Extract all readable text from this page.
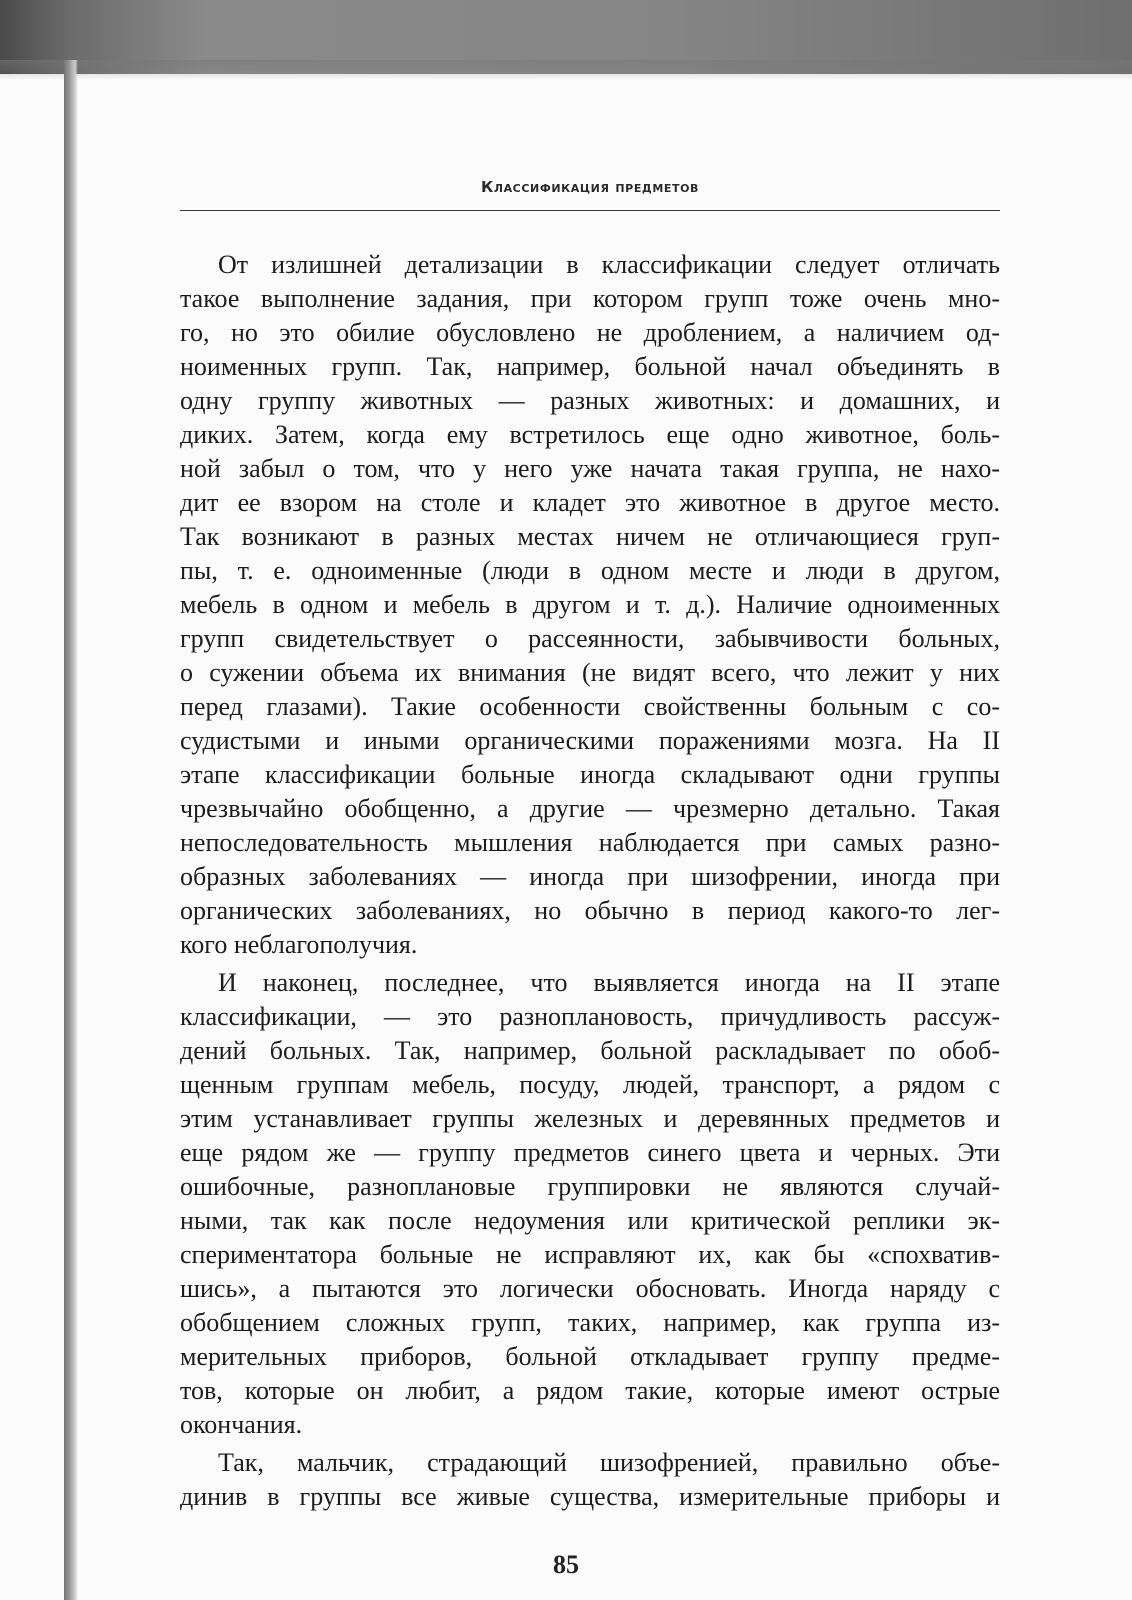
Классификация предметов
От излишней детализации в классификации следует отличать
такое выполнение задания, при котором групп тоже очень мно-
го, но это обилие обусловлено не дроблением, а наличием од-
ноименных групп. Так, например, больной начал объединять в
одну группу животных — разных животных: и домашних, и
диких. Затем, когда ему встретилось еще одно животное, боль-
ной забыл о том, что у него уже начата такая группа, не нахо-
дит ее взором на столе и кладет это животное в другое место.
Так возникают в разных местах ничем не отличающиеся груп-
пы, т. е. одноименные (люди в одном месте и люди в другом,
мебель в одном и мебель в другом и т. д.). Наличие одноименных
групп свидетельствует о рассеянности, забывчивости больных,
о сужении объема их внимания (не видят всего, что лежит у них
перед глазами). Такие особенности свойственны больным с со-
судистыми и иными органическими поражениями мозга. На II
этапе классификации больные иногда складывают одни группы
чрезвычайно обобщенно, а другие — чрезмерно детально. Такая
непоследовательность мышления наблюдается при самых разно-
образных заболеваниях — иногда при шизофрении, иногда при
органических заболеваниях, но обычно в период какого-то лег-
кого неблагополучия.
И наконец, последнее, что выявляется иногда на II этапе
классификации, — это разноплановость, причудливость рассуж-
дений больных. Так, например, больной раскладывает по обоб-
щенным группам мебель, посуду, людей, транспорт, а рядом с
этим устанавливает группы железных и деревянных предметов и
еще рядом же — группу предметов синего цвета и черных. Эти
ошибочные, разноплановые группировки не являются случай-
ными, так как после недоумения или критической реплики эк-
спериментатора больные не исправляют их, как бы «спохватив-
шись», а пытаются это логически обосновать. Иногда наряду с
обобщением сложных групп, таких, например, как группа из-
мерительных приборов, больной откладывает группу предме-
тов, которые он любит, а рядом такие, которые имеют острые
окончания.
Так, мальчик, страдающий шизофренией, правильно объе-
динив в группы все живые существа, измерительные приборы и
85
